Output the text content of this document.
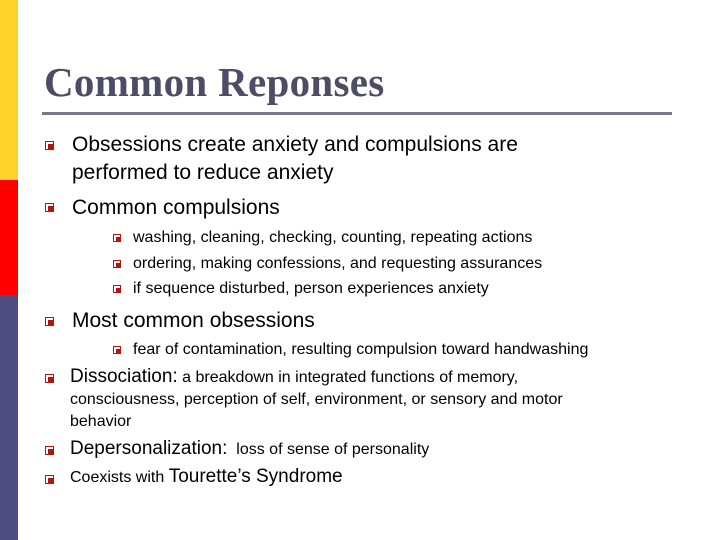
Common Reponses
Obsessions create anxiety and compulsions are
performed to reduce anxiety
Common compulsions
washing, cleaning, checking, counting, repeating actions
ordering, making confessions, and requesting assurances
if sequence disturbed, person experiences anxiety
Most common obsessions
fear of contamination, resulting compulsion toward handwashing
Dissociation: a breakdown in integrated functions of memory,
consciousness, perception of self, environment, or sensory and motor
behavior
Depersonalization: loss of sense of personality
Coexists with Tourette’s Syndrome
